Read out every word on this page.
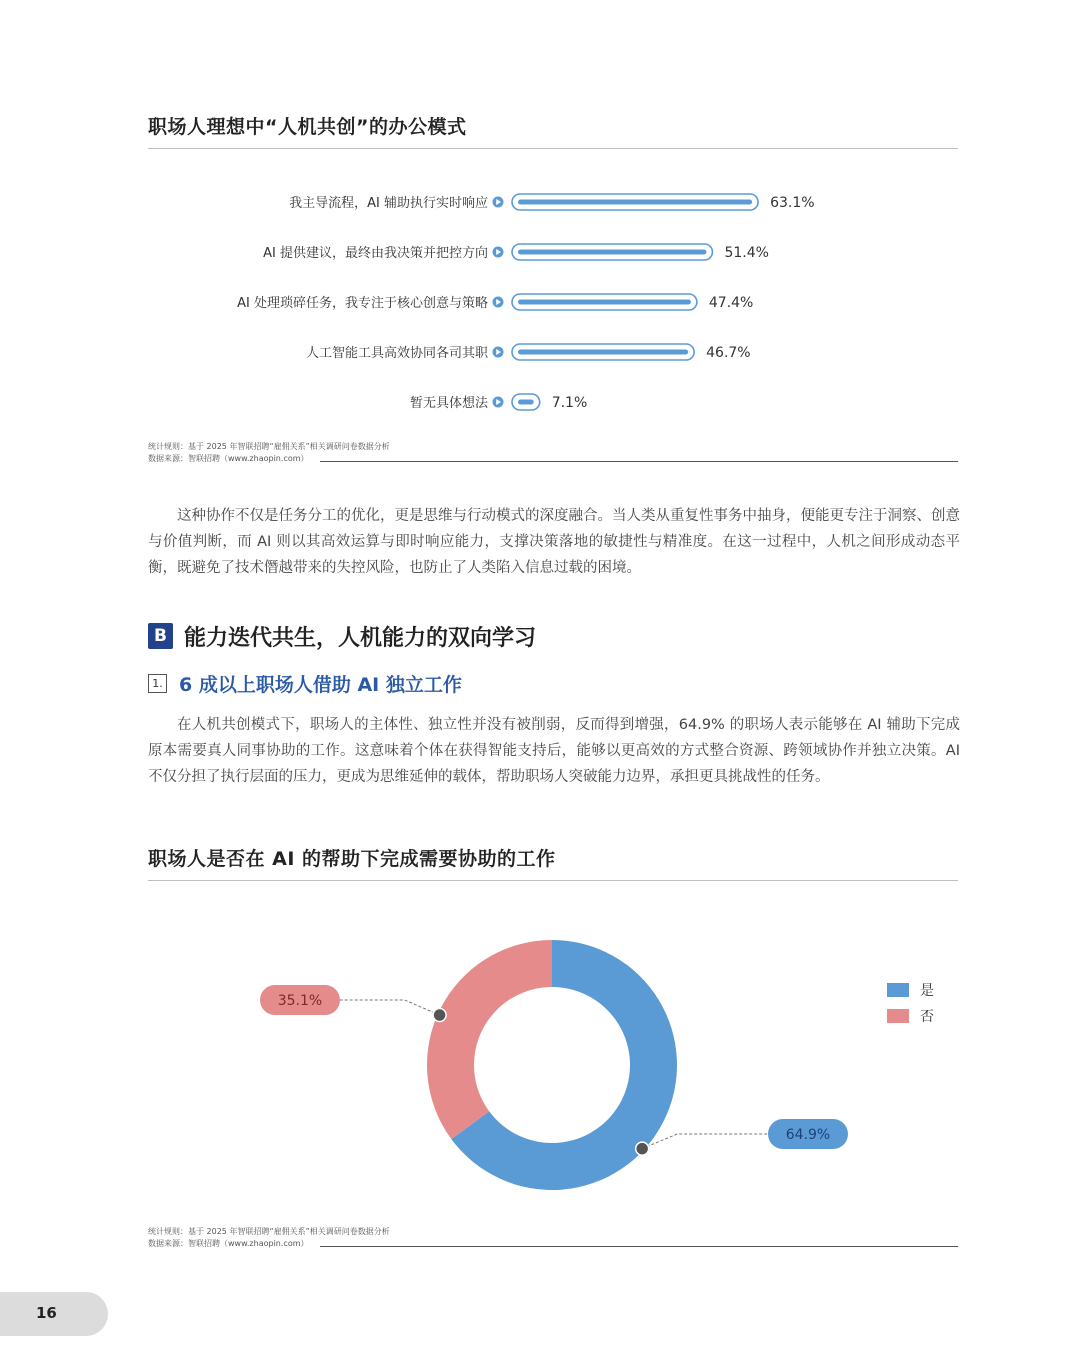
职场人理想中“人机共创”的办公模式
我主导流程，AI 辅助执行实时响应	63.1%
AI 提供建议，最终由我决策并把控方向	51.4%
AI 处理琐碎任务，我专注于核心创意与策略	47.4%
人工智能工具高效协同各司其职	46.7%
暂无具体想法	7.1%
统计规则：基于 2025 年智联招聘“雇佣关系”相关调研问卷数据分析
数据来源：智联招聘（www.zhaopin.com）

这种协作不仅是任务分工的优化，更是思维与行动模式的深度融合。当人类从重复性事务中抽身，便能更专注于洞察、创意与价值判断，而 AI 则以其高效运算与即时响应能力，支撑决策落地的敏捷性与精准度。在这一过程中，人机之间形成动态平衡，既避免了技术僭越带来的失控风险，也防止了人类陷入信息过载的困境。

B 能力迭代共生，人机能力的双向学习
1. 6 成以上职场人借助 AI 独立工作

在人机共创模式下，职场人的主体性、独立性并没有被削弱，反而得到增强，64.9% 的职场人表示能够在 AI 辅助下完成原本需要真人同事协助的工作。这意味着个体在获得智能支持后，能够以更高效的方式整合资源、跨领域协作并独立决策。AI 不仅分担了执行层面的压力，更成为思维延伸的载体，帮助职场人突破能力边界，承担更具挑战性的任务。

职场人是否在 AI 的帮助下完成需要协助的工作
64.9%
35.1%
是
否
统计规则：基于 2025 年智联招聘“雇佣关系”相关调研问卷数据分析
数据来源：智联招聘（www.zhaopin.com）
16
